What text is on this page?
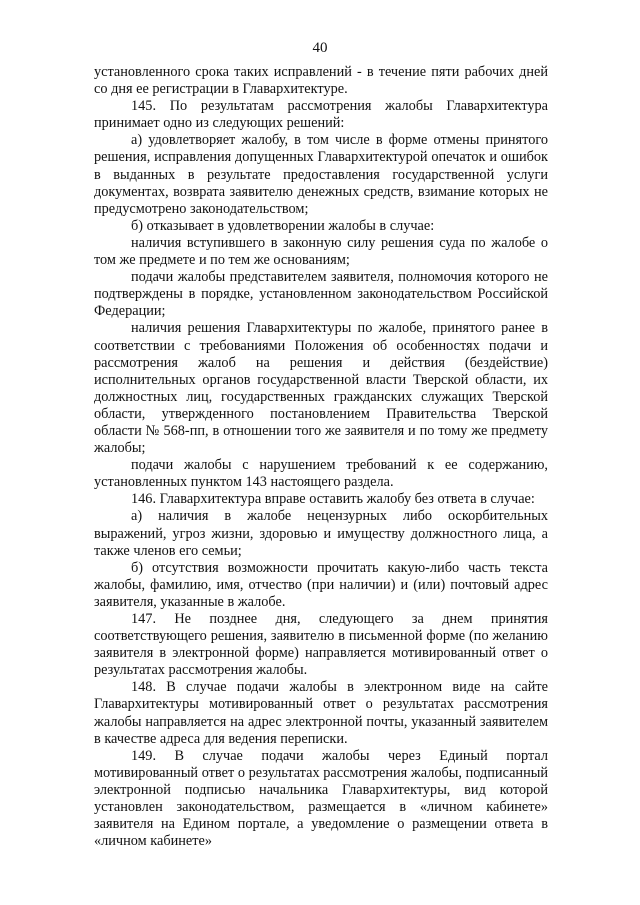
40

установленного срока таких исправлений - в течение пяти рабочих дней со дня ее регистрации в Главархитектуре.

145. По результатам рассмотрения жалобы Главархитектура принимает одно из следующих решений:

а) удовлетворяет жалобу, в том числе в форме отмены принятого решения, исправления допущенных Главархитектурой опечаток и ошибок в выданных в результате предоставления государственной услуги документах, возврата заявителю денежных средств, взимание которых не предусмотрено законодательством;

б) отказывает в удовлетворении жалобы в случае:

наличия вступившего в законную силу решения суда по жалобе о том же предмете и по тем же основаниям;

подачи жалобы представителем заявителя, полномочия которого не подтверждены в порядке, установленном законодательством Российской Федерации;

наличия решения Главархитектуры по жалобе, принятого ранее в соответствии с требованиями Положения об особенностях подачи и рассмотрения жалоб на решения и действия (бездействие) исполнительных органов государственной власти Тверской области, их должностных лиц, государственных гражданских служащих Тверской области, утвержденного постановлением Правительства Тверской области № 568-пп, в отношении того же заявителя и по тому же предмету жалобы;

подачи жалобы с нарушением требований к ее содержанию, установленных пунктом 143 настоящего раздела.

146. Главархитектура вправе оставить жалобу без ответа в случае:

а) наличия в жалобе нецензурных либо оскорбительных выражений, угроз жизни, здоровью и имуществу должностного лица, а также членов его семьи;

б) отсутствия возможности прочитать какую-либо часть текста жалобы, фамилию, имя, отчество (при наличии) и (или) почтовый адрес заявителя, указанные в жалобе.

147. Не позднее дня, следующего за днем принятия соответствующего решения, заявителю в письменной форме (по желанию заявителя в электронной форме) направляется мотивированный ответ о результатах рассмотрения жалобы.

148. В случае подачи жалобы в электронном виде на сайте Главархитектуры мотивированный ответ о результатах рассмотрения жалобы направляется на адрес электронной почты, указанный заявителем в качестве адреса для ведения переписки.

149. В случае подачи жалобы через Единый портал мотивированный ответ о результатах рассмотрения жалобы, подписанный электронной подписью начальника Главархитектуры, вид которой установлен законодательством, размещается в «личном кабинете» заявителя на Едином портале, а уведомление о размещении ответа в «личном кабинете»
